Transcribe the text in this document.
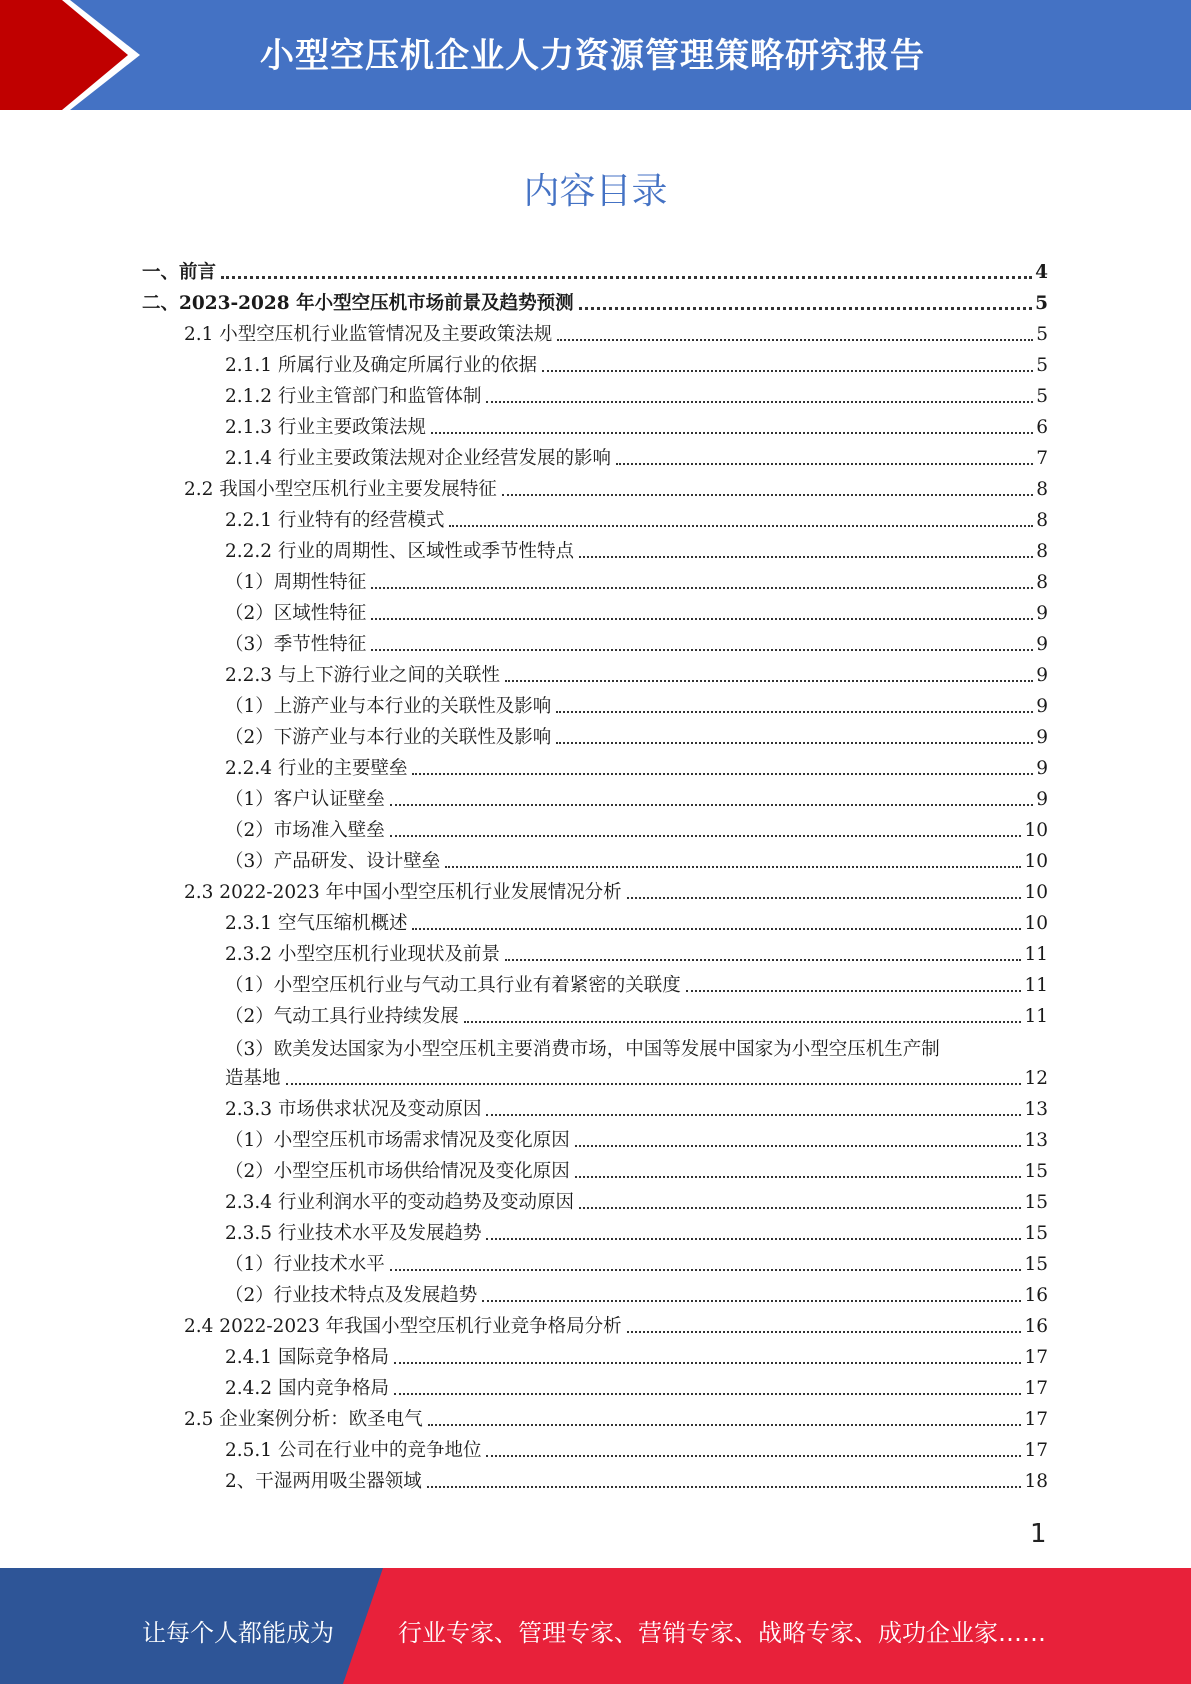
小型空压机企业人力资源管理策略研究报告
内容目录
一、前言	4
二、2023-2028 年小型空压机市场前景及趋势预测	5
2.1 小型空压机行业监管情况及主要政策法规	5
2.1.1 所属行业及确定所属行业的依据	5
2.1.2 行业主管部门和监管体制	5
2.1.3 行业主要政策法规	6
2.1.4 行业主要政策法规对企业经营发展的影响	7
2.2 我国小型空压机行业主要发展特征	8
2.2.1 行业特有的经营模式	8
2.2.2 行业的周期性、区域性或季节性特点	8
（1）周期性特征	8
（2）区域性特征	9
（3）季节性特征	9
2.2.3 与上下游行业之间的关联性	9
（1）上游产业与本行业的关联性及影响	9
（2）下游产业与本行业的关联性及影响	9
2.2.4 行业的主要壁垒	9
（1）客户认证壁垒	9
（2）市场准入壁垒	10
（3）产品研发、设计壁垒	10
2.3 2022-2023 年中国小型空压机行业发展情况分析	10
2.3.1 空气压缩机概述	10
2.3.2 小型空压机行业现状及前景	11
（1）小型空压机行业与气动工具行业有着紧密的关联度	11
（2）气动工具行业持续发展	11
（3）欧美发达国家为小型空压机主要消费市场，中国等发展中国家为小型空压机生产制
造基地	12
2.3.3 市场供求状况及变动原因	13
（1）小型空压机市场需求情况及变化原因	13
（2）小型空压机市场供给情况及变化原因	15
2.3.4 行业利润水平的变动趋势及变动原因	15
2.3.5 行业技术水平及发展趋势	15
（1）行业技术水平	15
（2）行业技术特点及发展趋势	16
2.4 2022-2023 年我国小型空压机行业竞争格局分析	16
2.4.1 国际竞争格局	17
2.4.2 国内竞争格局	17
2.5 企业案例分析：欧圣电气	17
2.5.1 公司在行业中的竞争地位	17
2、干湿两用吸尘器领域	18
1
让每个人都能成为	行业专家、管理专家、营销专家、战略专家、成功企业家……
